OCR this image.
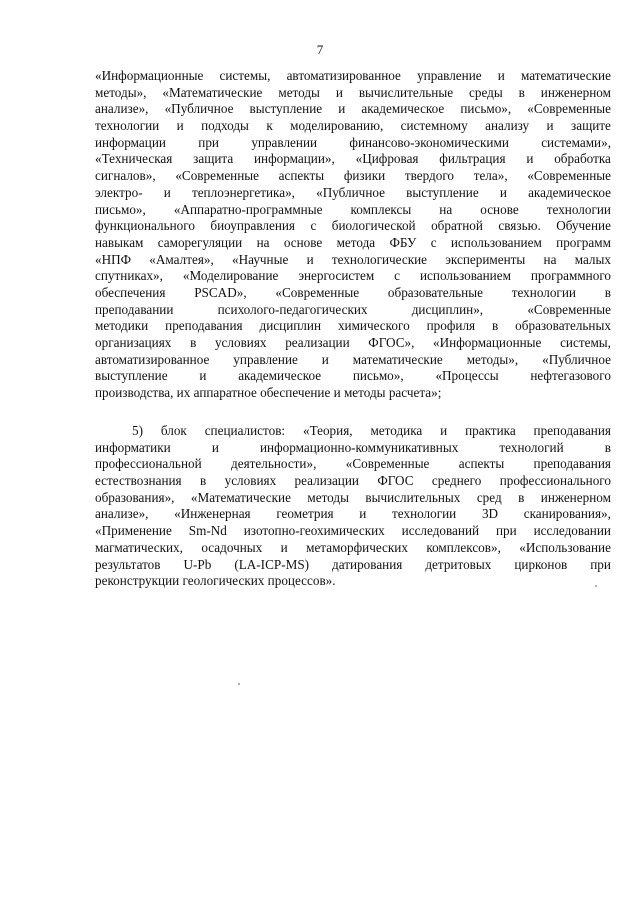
7
«Информационные системы, автоматизированное управление и математические
методы», «Математические методы и вычислительные среды в инженерном
анализе», «Публичное выступление и академическое письмо», «Современные
технологии и подходы к моделированию, системному анализу и защите
информации при управлении финансово-экономическими системами»,
«Техническая защита информации», «Цифровая фильтрация и обработка
сигналов», «Современные аспекты физики твердого тела», «Современные
электро- и теплоэнергетика», «Публичное выступление и академическое
письмо», «Аппаратно-программные комплексы на основе технологии
функционального биоуправления с биологической обратной связью. Обучение
навыкам саморегуляции на основе метода ФБУ с использованием программ
«НПФ «Амалтея», «Научные и технологические эксперименты на малых
спутниках», «Моделирование энергосистем с использованием программного
обеспечения PSCAD», «Современные образовательные технологии в
преподавании	психолого-педагогических	дисциплин»,	«Современные
методики преподавания дисциплин химического профиля в образовательных
организациях в условиях реализации ФГОС», «Информационные системы,
автоматизированное управление и математические методы», «Публичное
выступление и академическое письмо», «Процессы нефтегазового
производства, их аппаратное обеспечение и методы расчета»;
5) блок специалистов: «Теория, методика и практика преподавания
информатики	и	информационно-коммуникативных	технологий	в
профессиональной деятельности», «Современные аспекты преподавания
естествознания в условиях реализации ФГОС среднего профессионального
образования», «Математические методы вычислительных сред в инженерном
анализе», «Инженерная геометрия и технологии 3D сканирования»,
«Применение Sm-Nd изотопно-геохимических исследований при исследовании
магматических, осадочных и метаморфических комплексов», «Использование
результатов U-Pb (LA-ICP-MS) датирования детритовых цирконов при
реконструкции геологических процессов».
